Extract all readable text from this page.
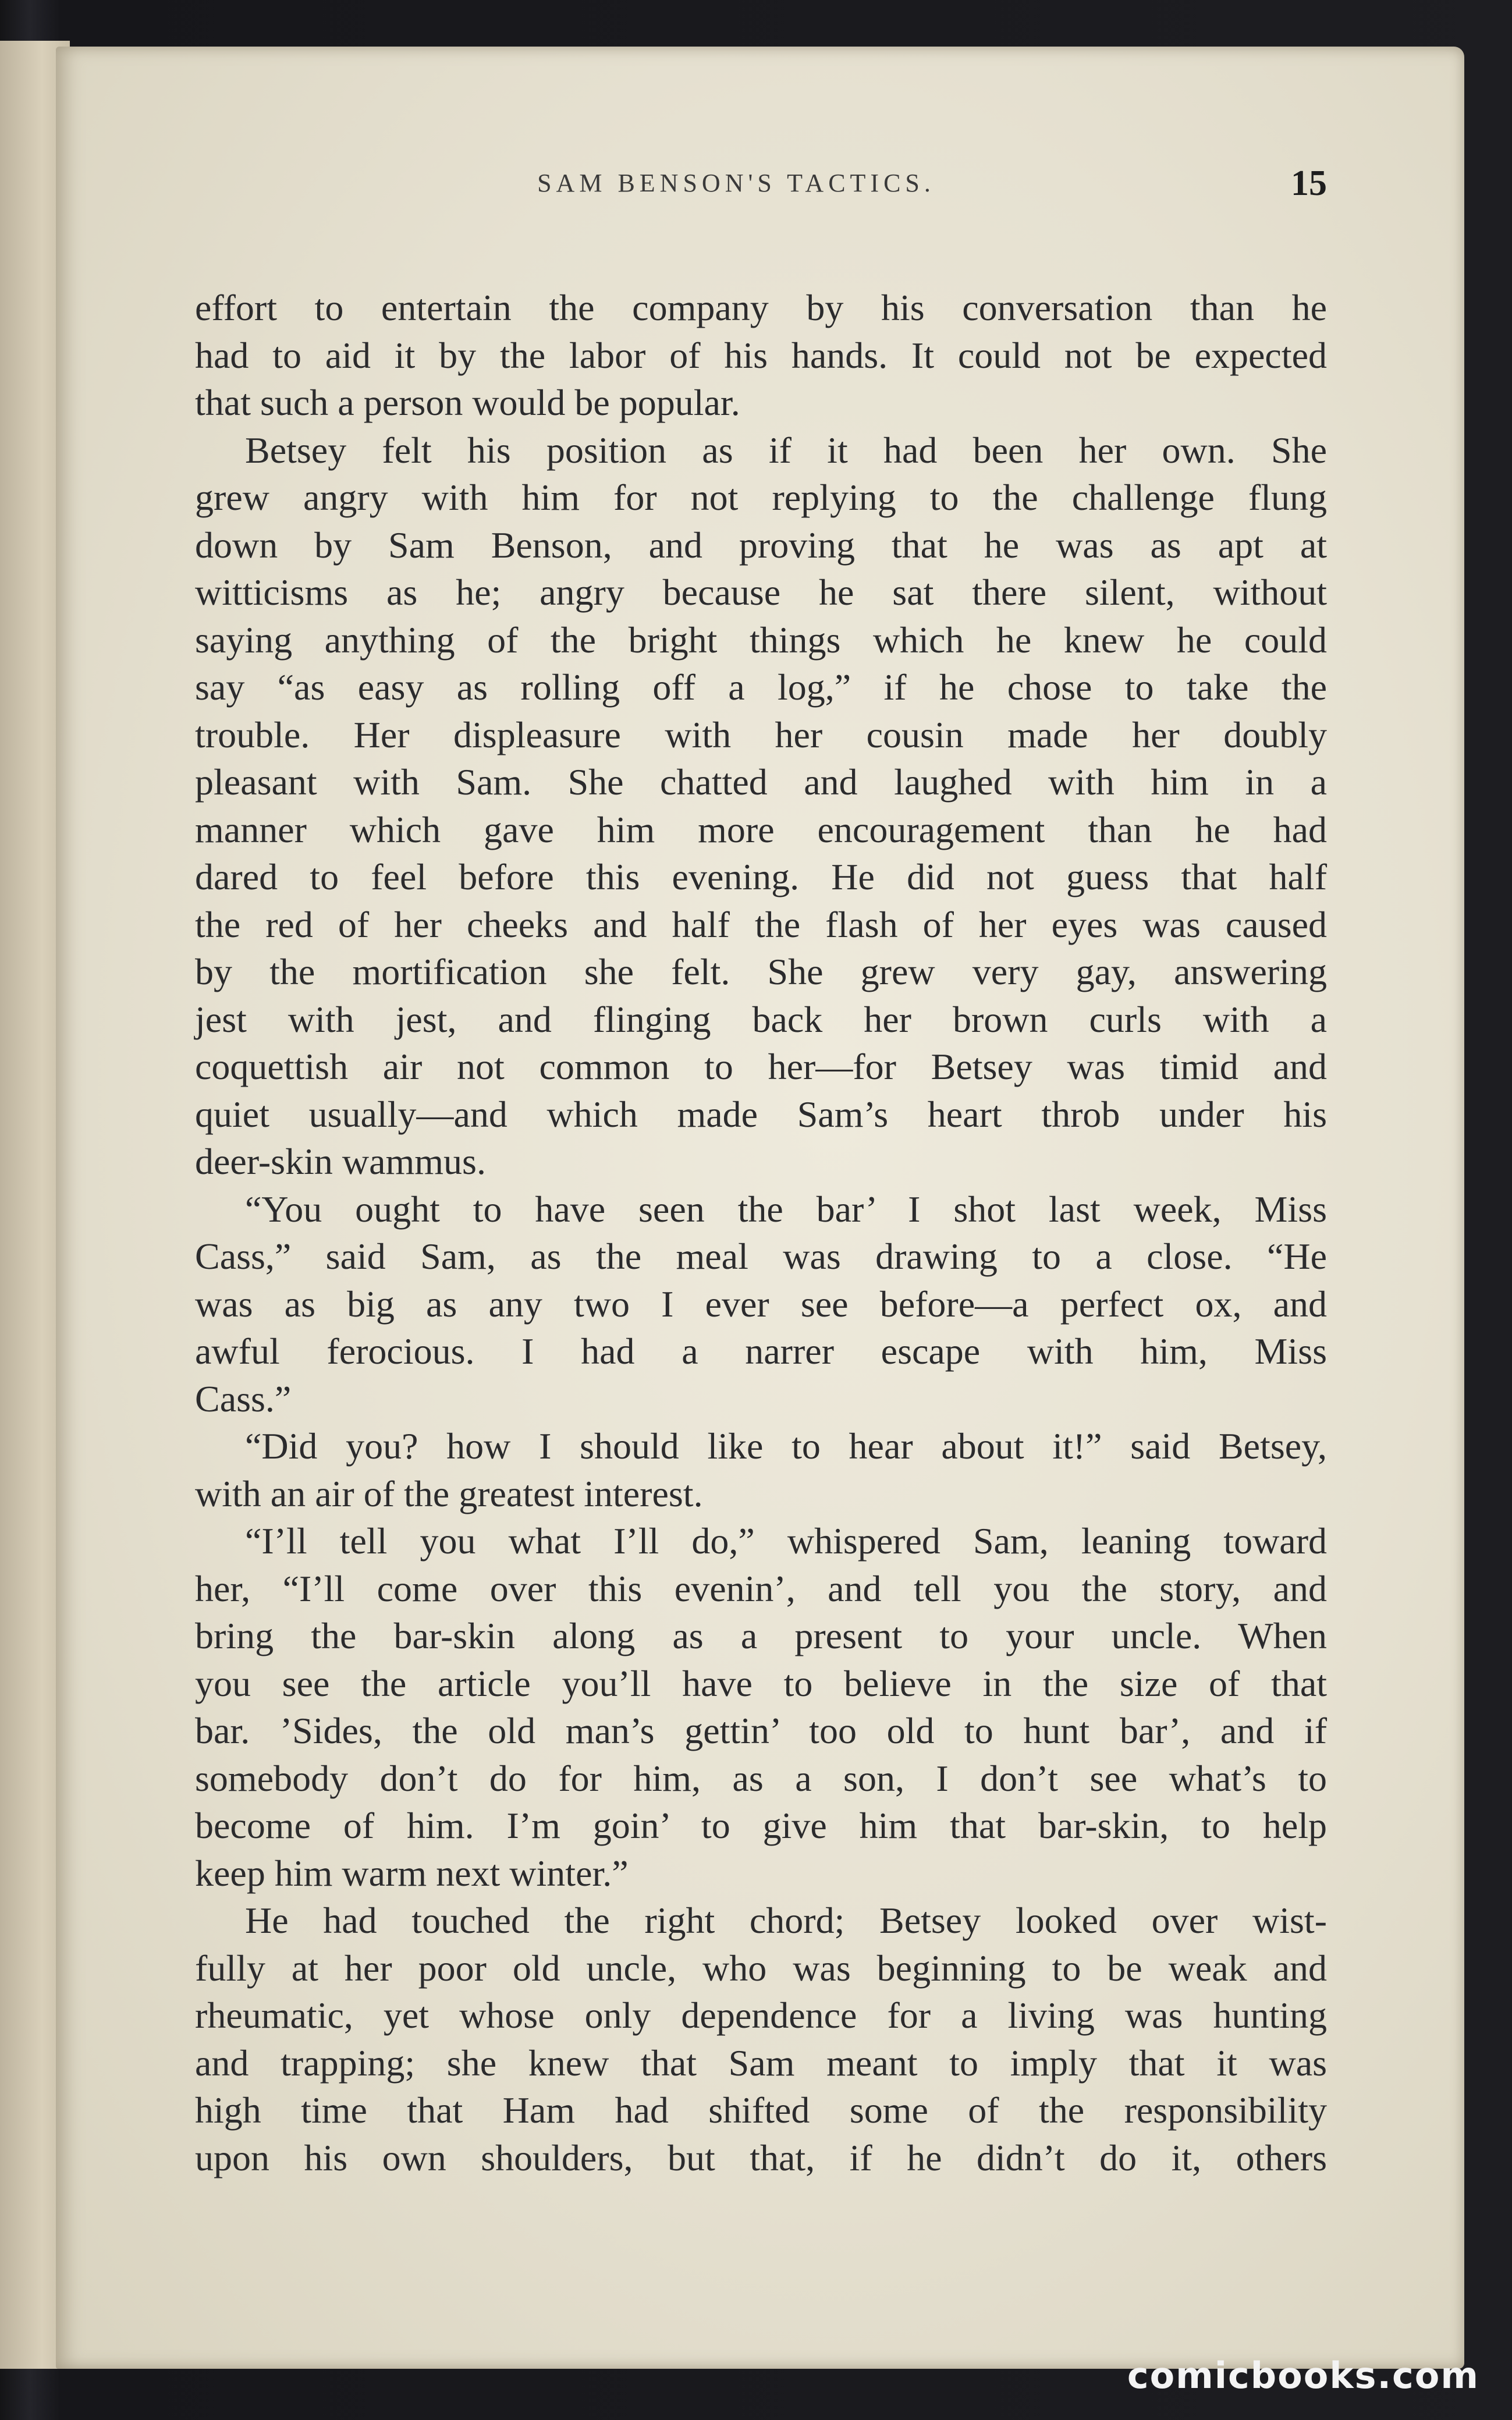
SAM BENSON'S TACTICS.	15

effort to entertain the company by his conversation than he
had to aid it by the labor of his hands. It could not be expected
that such a person would be popular.

Betsey felt his position as if it had been her own. She
grew angry with him for not replying to the challenge flung
down by Sam Benson, and proving that he was as apt at
witticisms as he; angry because he sat there silent, without
saying anything of the bright things which he knew he could
say “as easy as rolling off a log,” if he chose to take the
trouble. Her displeasure with her cousin made her doubly
pleasant with Sam. She chatted and laughed with him in a
manner which gave him more encouragement than he had
dared to feel before this evening. He did not guess that half
the red of her cheeks and half the flash of her eyes was caused
by the mortification she felt. She grew very gay, answering
jest with jest, and flinging back her brown curls with a
coquettish air not common to her—for Betsey was timid and
quiet usually—and which made Sam’s heart throb under his
deer-skin wammus.

“You ought to have seen the bar’ I shot last week, Miss
Cass,” said Sam, as the meal was drawing to a close. “He
was as big as any two I ever see before—a perfect ox, and
awful ferocious. I had a narrer escape with him, Miss
Cass.”

“Did you? how I should like to hear about it!” said Betsey,
with an air of the greatest interest.

“I’ll tell you what I’ll do,” whispered Sam, leaning toward
her, “I’ll come over this evenin’, and tell you the story, and
bring the bar-skin along as a present to your uncle. When
you see the article you’ll have to believe in the size of that
bar. ’Sides, the old man’s gettin’ too old to hunt bar’, and if
somebody don’t do for him, as a son, I don’t see what’s to
become of him. I’m goin’ to give him that bar-skin, to help
keep him warm next winter.”

He had touched the right chord; Betsey looked over wist-
fully at her poor old uncle, who was beginning to be weak and
rheumatic, yet whose only dependence for a living was hunting
and trapping; she knew that Sam meant to imply that it was
high time that Ham had shifted some of the responsibility
upon his own shoulders, but that, if he didn’t do it, others

comicbooks.com
